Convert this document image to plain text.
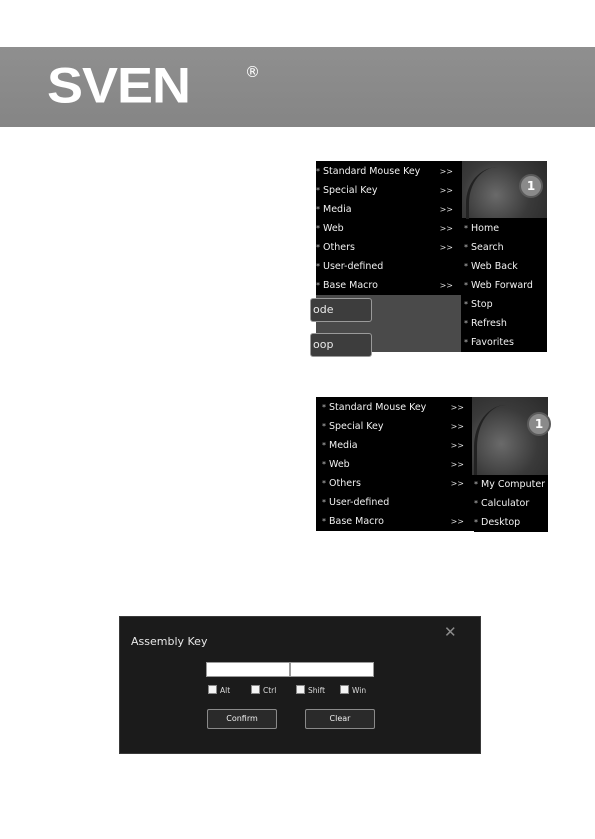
SVEN	®
ode
oop
1
* Standard Mouse Key >>
* Special Key	>>
* Media	>>
* Web	>>
* Others	>>
* User-defined
* Base Macro	>>
* Home
* Search
* Web Back
* Web Forward
* Stop
* Refresh
* Favorites
1
* Standard Mouse Key	>>
* Special Key	>>
* Media	>>
* Web	>>
* Others	>>
* User-defined
* Base Macro	>>
* My Computer
* Calculator
* Desktop
Assembly Key
✕
Alt	Ctrl	Shift	Win
Confirm	Clear
